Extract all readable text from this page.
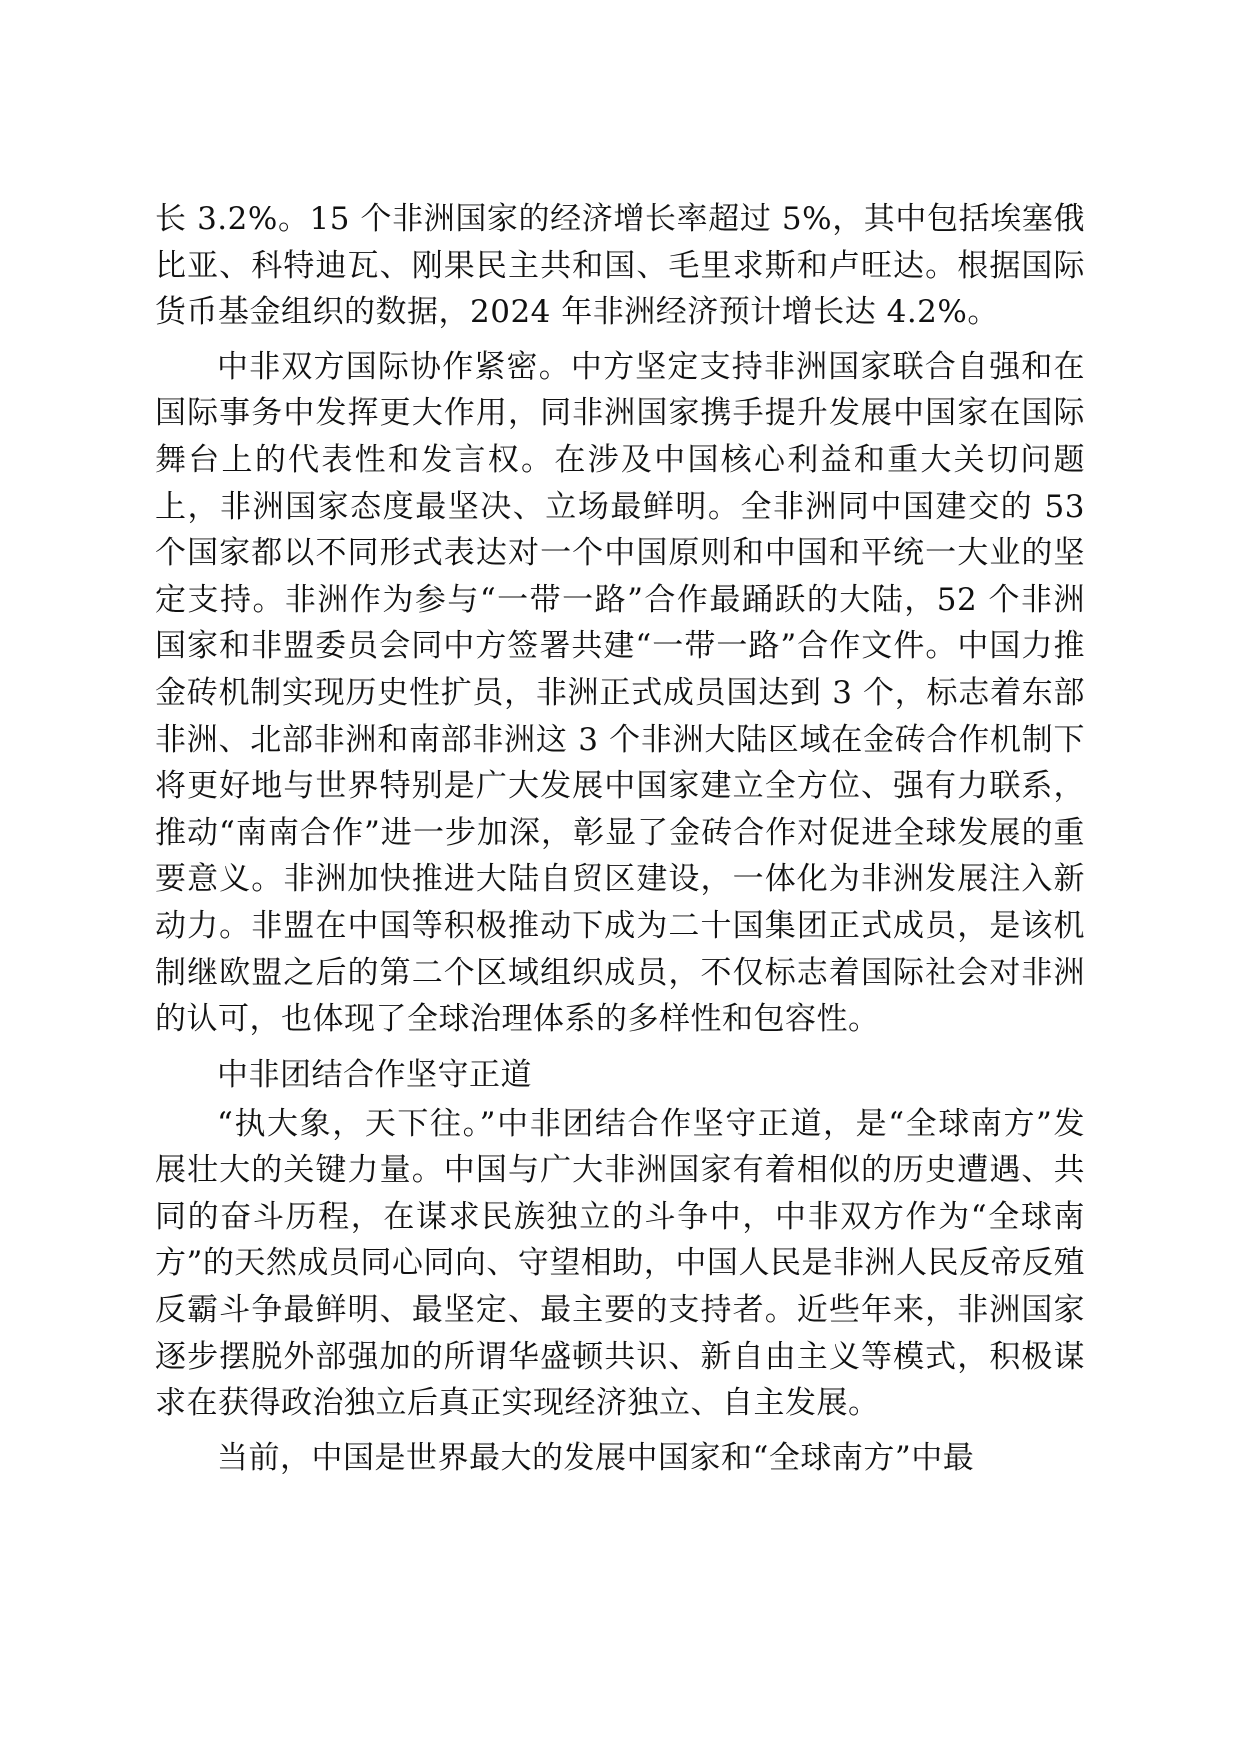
长 3.2%。15 个非洲国家的经济增长率超过 5%，其中包括埃塞俄比亚、科特迪瓦、刚果民主共和国、毛里求斯和卢旺达。根据国际货币基金组织的数据，2024 年非洲经济预计增长达 4.2%。

中非双方国际协作紧密。中方坚定支持非洲国家联合自强和在国际事务中发挥更大作用，同非洲国家携手提升发展中国家在国际舞台上的代表性和发言权。在涉及中国核心利益和重大关切问题上，非洲国家态度最坚决、立场最鲜明。全非洲同中国建交的 53 个国家都以不同形式表达对一个中国原则和中国和平统一大业的坚定支持。非洲作为参与“一带一路”合作最踊跃的大陆，52 个非洲国家和非盟委员会同中方签署共建“一带一路”合作文件。中国力推金砖机制实现历史性扩员，非洲正式成员国达到 3 个，标志着东部非洲、北部非洲和南部非洲这 3 个非洲大陆区域在金砖合作机制下将更好地与世界特别是广大发展中国家建立全方位、强有力联系，推动“南南合作”进一步加深，彰显了金砖合作对促进全球发展的重要意义。非洲加快推进大陆自贸区建设，一体化为非洲发展注入新动力。非盟在中国等积极推动下成为二十国集团正式成员，是该机制继欧盟之后的第二个区域组织成员，不仅标志着国际社会对非洲的认可，也体现了全球治理体系的多样性和包容性。

中非团结合作坚守正道

“执大象，天下往。”中非团结合作坚守正道，是“全球南方”发展壮大的关键力量。中国与广大非洲国家有着相似的历史遭遇、共同的奋斗历程，在谋求民族独立的斗争中，中非双方作为“全球南方”的天然成员同心同向、守望相助，中国人民是非洲人民反帝反殖反霸斗争最鲜明、最坚定、最主要的支持者。近些年来，非洲国家逐步摆脱外部强加的所谓华盛顿共识、新自由主义等模式，积极谋求在获得政治独立后真正实现经济独立、自主发展。

当前，中国是世界最大的发展中国家和“全球南方”中最
